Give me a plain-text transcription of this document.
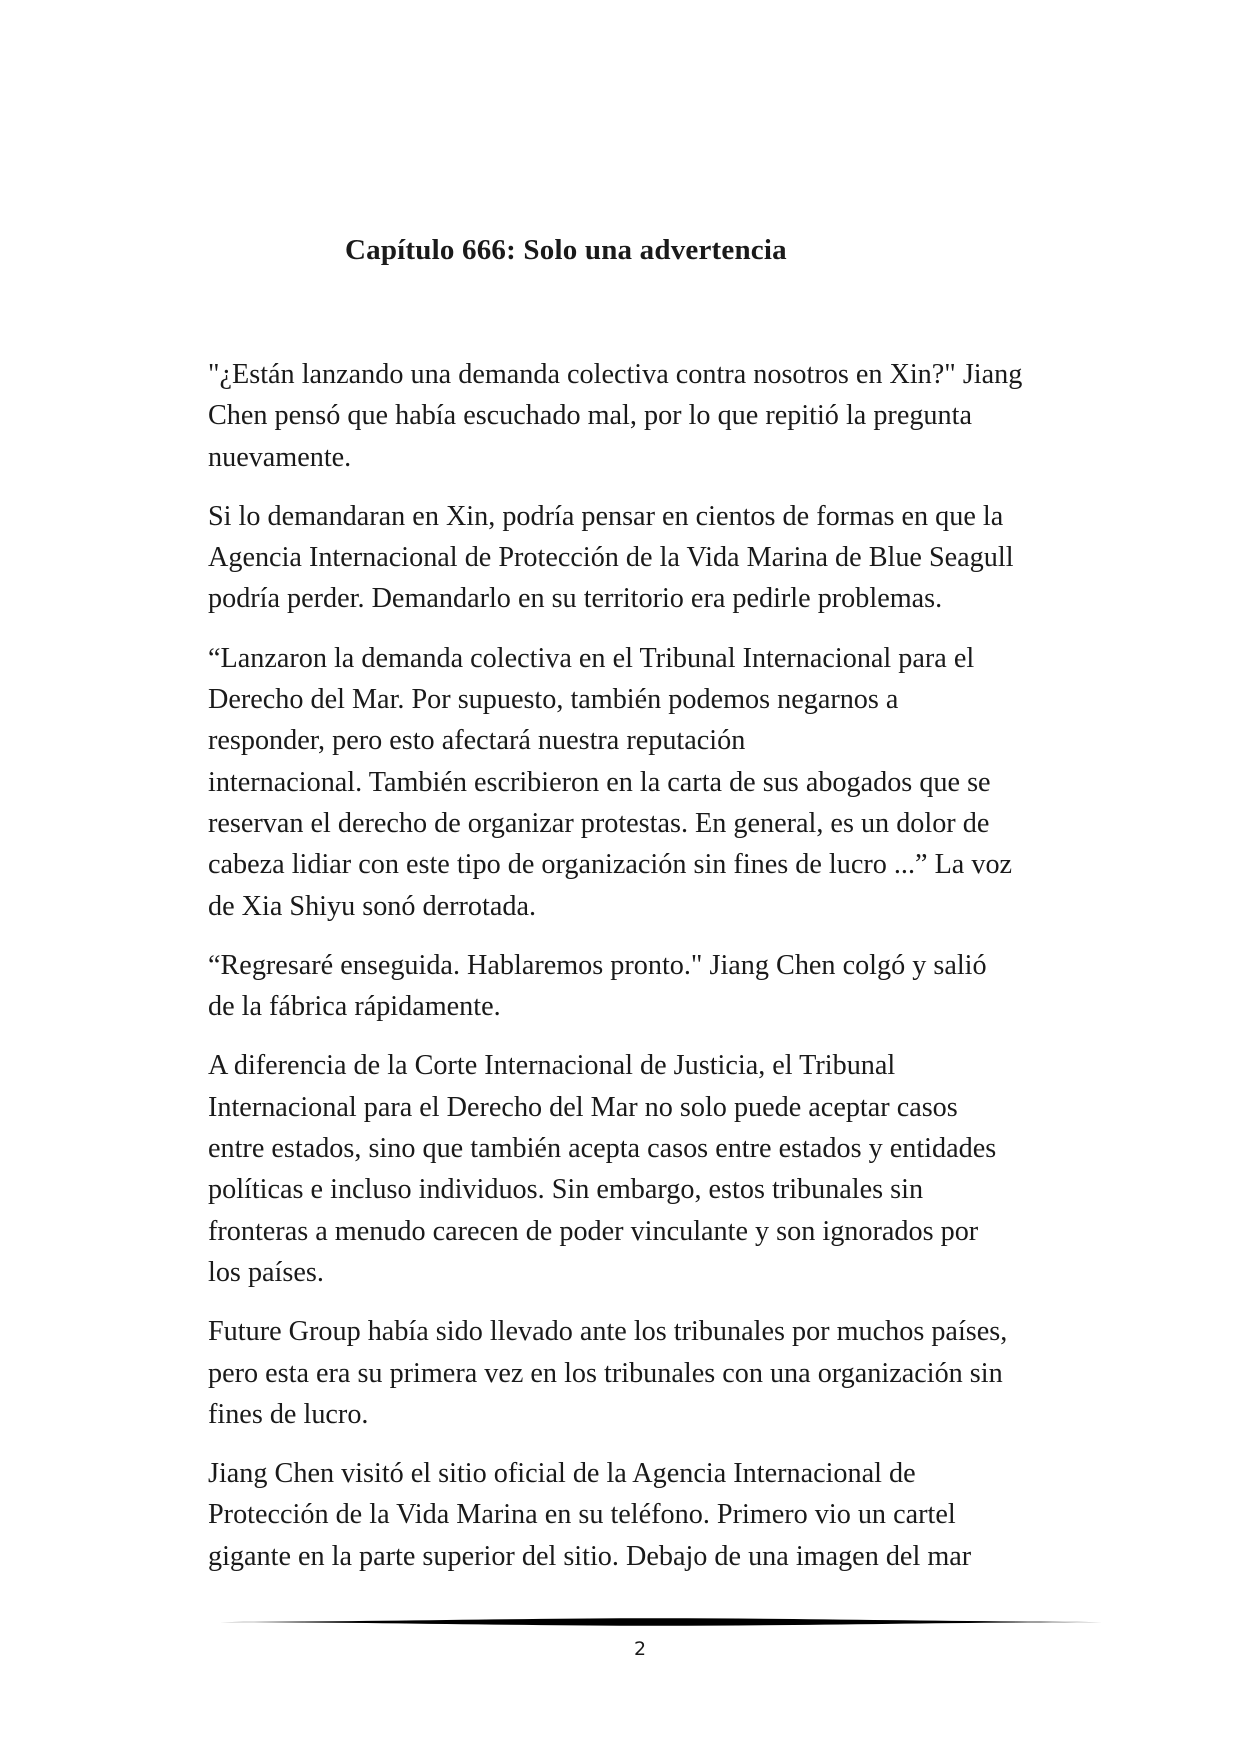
Capítulo 666: Solo una advertencia

"¿Están lanzando una demanda colectiva contra nosotros en Xin?" Jiang
Chen pensó que había escuchado mal, por lo que repitió la pregunta
nuevamente.

Si lo demandaran en Xin, podría pensar en cientos de formas en que la
Agencia Internacional de Protección de la Vida Marina de Blue Seagull
podría perder. Demandarlo en su territorio era pedirle problemas.

“Lanzaron la demanda colectiva en el Tribunal Internacional para el
Derecho del Mar. Por supuesto, también podemos negarnos a
responder, pero esto afectará nuestra reputación
internacional. También escribieron en la carta de sus abogados que se
reservan el derecho de organizar protestas. En general, es un dolor de
cabeza lidiar con este tipo de organización sin fines de lucro ...” La voz
de Xia Shiyu sonó derrotada.

“Regresaré enseguida. Hablaremos pronto." Jiang Chen colgó y salió
de la fábrica rápidamente.

A diferencia de la Corte Internacional de Justicia, el Tribunal
Internacional para el Derecho del Mar no solo puede aceptar casos
entre estados, sino que también acepta casos entre estados y entidades
políticas e incluso individuos. Sin embargo, estos tribunales sin
fronteras a menudo carecen de poder vinculante y son ignorados por
los países.

Future Group había sido llevado ante los tribunales por muchos países,
pero esta era su primera vez en los tribunales con una organización sin
fines de lucro.

Jiang Chen visitó el sitio oficial de la Agencia Internacional de
Protección de la Vida Marina en su teléfono. Primero vio un cartel
gigante en la parte superior del sitio. Debajo de una imagen del mar

2
